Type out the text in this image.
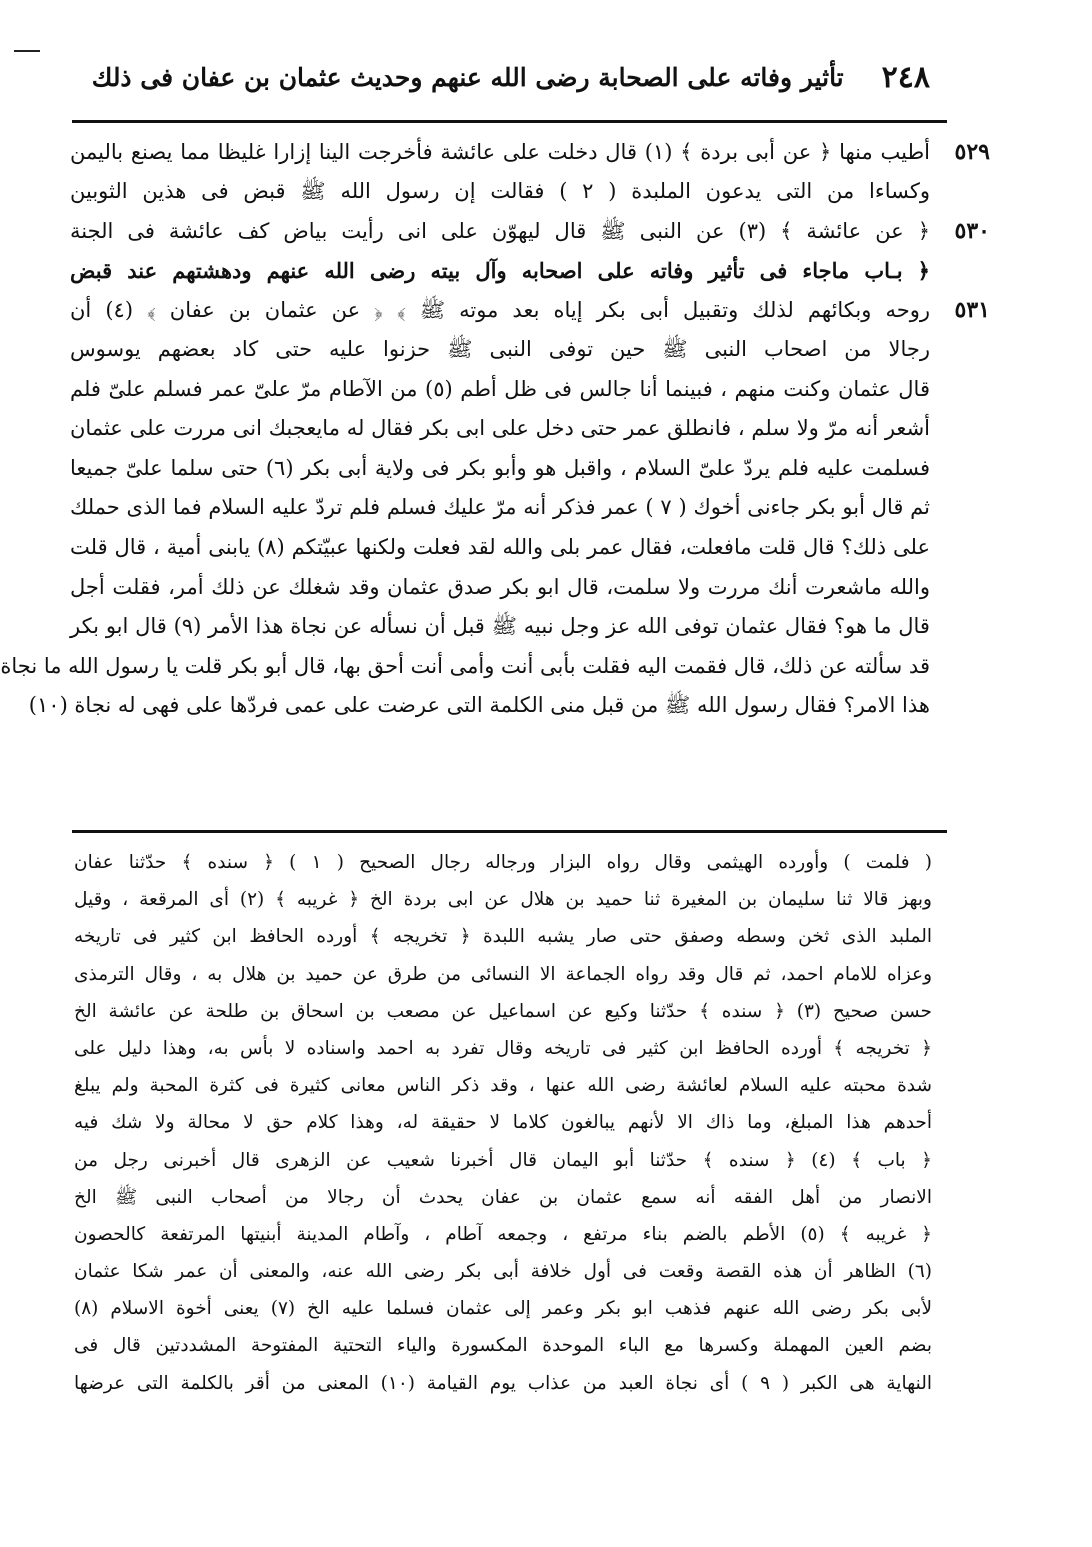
٢٤٨
تأثير وفاته على الصحابة رضى الله عنهم وحديث عثمان بن عفان فى ذلك
٥٢٩
أطيب منها ﴿ عن أبى بردة ﴾ (١) قال دخلت على عائشة فأخرجت الينا إزارا غليظا مما يصنع باليمن
وكساءا من التى يدعون الملبدة ( ٢ ) فقالت إن رسول الله ﷺ قبض فى هذين الثوبين
٥٣٠
﴿ عن عائشة ﴾ (٣) عن النبى ﷺ قال ليهوّن على انى رأيت بياض كف عائشة فى الجنة
﴿ بـاب ماجاء فى تأثير وفاته على اصحابه وآل بيته رضى الله عنهم ودهشتهم عند قبض
٥٣١
روحه وبكائهم لذلك وتقبيل أبى بكر إياه بعد موته ﷺ ﴾ ﴿ عن عثمان بن عفان ﴾ (٤) أن
رجالا من اصحاب النبى ﷺ حين توفى النبى ﷺ حزنوا عليه حتى كاد بعضهم يوسوس
قال عثمان وكنت منهم ، فبينما أنا جالس فى ظل أطم (٥) من الآطام مرّ علىّ عمر فسلم علىّ فلم
أشعر أنه مرّ ولا سلم ، فانطلق عمر حتى دخل على ابى بكر فقال له مايعجبك انى مررت على عثمان
فسلمت عليه فلم يردّ علىّ السلام ، واقبل هو وأبو بكر فى ولاية أبى بكر (٦) حتى سلما علىّ جميعا
ثم قال أبو بكر جاءنى أخوك ( ٧ ) عمر فذكر أنه مرّ عليك فسلم فلم تردّ عليه السلام فما الذى حملك
على ذلك؟ قال قلت مافعلت، فقال عمر بلى والله لقد فعلت ولكنها عبيّتكم (٨) يابنى أمية ، قال قلت
والله ماشعرت أنك مررت ولا سلمت، قال ابو بكر صدق عثمان وقد شغلك عن ذلك أمر، فقلت أجل
قال ما هو؟ فقال عثمان توفى الله عز وجل نبيه ﷺ قبل أن نسأله عن نجاة هذا الأمر (٩) قال ابو بكر
قد سألته عن ذلك، قال فقمت اليه فقلت بأبى أنت وأمى أنت أحق بها، قال أبو بكر قلت يا رسول الله ما نجاة
هذا الامر؟ فقال رسول الله ﷺ من قبل منى الكلمة التى عرضت على عمى فردّها على فهى له نجاة (١٠)
( فلمت ) وأورده الهيثمى وقال رواه البزار ورجاله رجال الصحيح ( ١ ) ﴿ سنده ﴾ حدّثنا عفان
وبهز قالا ثنا سليمان بن المغيرة ثنا حميد بن هلال عن ابى بردة الخ ﴿ غريبه ﴾ (٢) أى المرقعة ، وقيل
الملبد الذى ثخن وسطه وصفق حتى صار يشبه اللبدة ﴿ تخريجه ﴾ أورده الحافظ ابن كثير فى تاريخه
وعزاه للامام احمد، ثم قال وقد رواه الجماعة الا النسائى من طرق عن حميد بن هلال به ، وقال الترمذى
حسن صحيح (٣) ﴿ سنده ﴾ حدّثنا وكيع عن اسماعيل عن مصعب بن اسحاق بن طلحة عن عائشة الخ
﴿ تخريجه ﴾ أورده الحافظ ابن كثير فى تاريخه وقال تفرد به احمد واسناده لا بأس به، وهذا دليل على
شدة محبته عليه السلام لعائشة رضى الله عنها ، وقد ذكر الناس معانى كثيرة فى كثرة المحبة ولم يبلغ
أحدهم هذا المبلغ، وما ذاك الا لأنهم يبالغون كلاما لا حقيقة له، وهذا كلام حق لا محالة ولا شك فيه
﴿ باب ﴾ (٤) ﴿ سنده ﴾ حدّثنا أبو اليمان قال أخبرنا شعيب عن الزهرى قال أخبرنى رجل من
الانصار من أهل الفقه أنه سمع عثمان بن عفان يحدث أن رجالا من أصحاب النبى ﷺ الخ
﴿ غريبه ﴾ (٥) الأطم بالضم بناء مرتفع ، وجمعه آطام ، وآطام المدينة أبنيتها المرتفعة كالحصون
(٦) الظاهر أن هذه القصة وقعت فى أول خلافة أبى بكر رضى الله عنه، والمعنى أن عمر شكا عثمان
لأبى بكر رضى الله عنهم فذهب ابو بكر وعمر إلى عثمان فسلما عليه الخ (٧) يعنى أخوة الاسلام (٨)
بضم العين المهملة وكسرها مع الباء الموحدة المكسورة والياء التحتية المفتوحة المشددتين قال فى
النهاية هى الكبر ( ٩ ) أى نجاة العبد من عذاب يوم القيامة (١٠) المعنى من أقر بالكلمة التى عرضها
